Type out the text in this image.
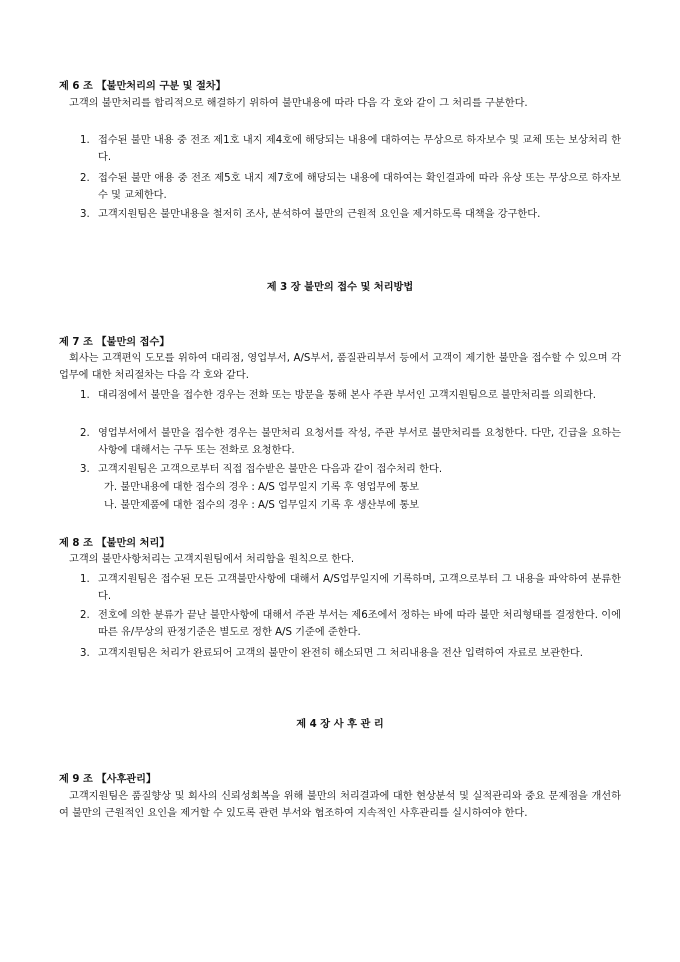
제 6 조 【불만처리의 구분 및 절차】
고객의 불만처리를 합리적으로 해결하기 위하여 불만내용에 따라 다음 각 호와 같이 그 처리를 구분한다.
1. 접수된 불만 내용 중 전조 제1호 내지 제4호에 해당되는 내용에 대하여는 무상으로 하자보수 및 교체 또는 보상처리 한다.
2. 접수된 불만 애용 중 전조 제5호 내지 제7호에 해당되는 내용에 대하여는 확인결과에 따라 유상 또는 무상으로 하자보수 및 교체한다.
3. 고객지원팀은 불만내용을 철저히 조사, 분석하여 불만의 근원적 요인을 제거하도록 대책을 강구한다.
제 3 장 불만의 접수 및 처리방법
제 7 조 【불만의 접수】
회사는 고객편익 도모를 위하여 대리점, 영업부서, A/S부서, 품질관리부서 등에서 고객이 제기한 불만을 접수할 수 있으며 각 업무에 대한 처리절차는 다음 각 호와 같다.
1. 대리점에서 불만을 접수한 경우는 전화 또는 방문을 통해 본사 주관 부서인 고객지원팀으로 불만처리를 의뢰한다.
2. 영업부서에서 불만을 접수한 경우는 불만처리 요청서를 작성, 주관 부서로 불만처리를 요청한다. 다만, 긴급을 요하는 사항에 대해서는 구두 또는 전화로 요청한다.
3. 고객지원팀은 고객으로부터 직접 접수받은 불만은 다음과 같이 접수처리 한다.
가. 불만내용에 대한 접수의 경우 : A/S 업무일지 기록 후 영업무에 통보
나. 불만제품에 대한 접수의 경우 : A/S 업무일지 기록 후 생산부에 통보
제 8 조 【불만의 처리】
고객의 불만사항처리는 고객지원팀에서 처리함을 원칙으로 한다.
1. 고객지원팀은 접수된 모든 고객불만사항에 대해서 A/S업무일지에 기록하며, 고객으로부터 그 내용을 파악하여 분류한다.
2. 전호에 의한 분류가 끝난 불만사항에 대해서 주관 부서는 제6조에서 정하는 바에 따라 불만 처리형태를 결정한다. 이에 따른 유/무상의 판정기준은 별도로 정한 A/S 기준에 준한다.
3. 고객지원팀은 처리가 완료되어 고객의 불만이 완전히 해소되면 그 처리내용을 전산 입력하여 자료로 보관한다.
제 4 장 사 후 관 리
제 9 조 【사후관리】
고객지원팀은 품질향상 및 회사의 신뢰성회복을 위해 불만의 처리결과에 대한 현상분석 및 실적관리와 중요 문제점을 개선하여 불만의 근원적인 요인을 제거할 수 있도록 관련 부서와 협조하여 지속적인 사후관리를 실시하여야 한다.
